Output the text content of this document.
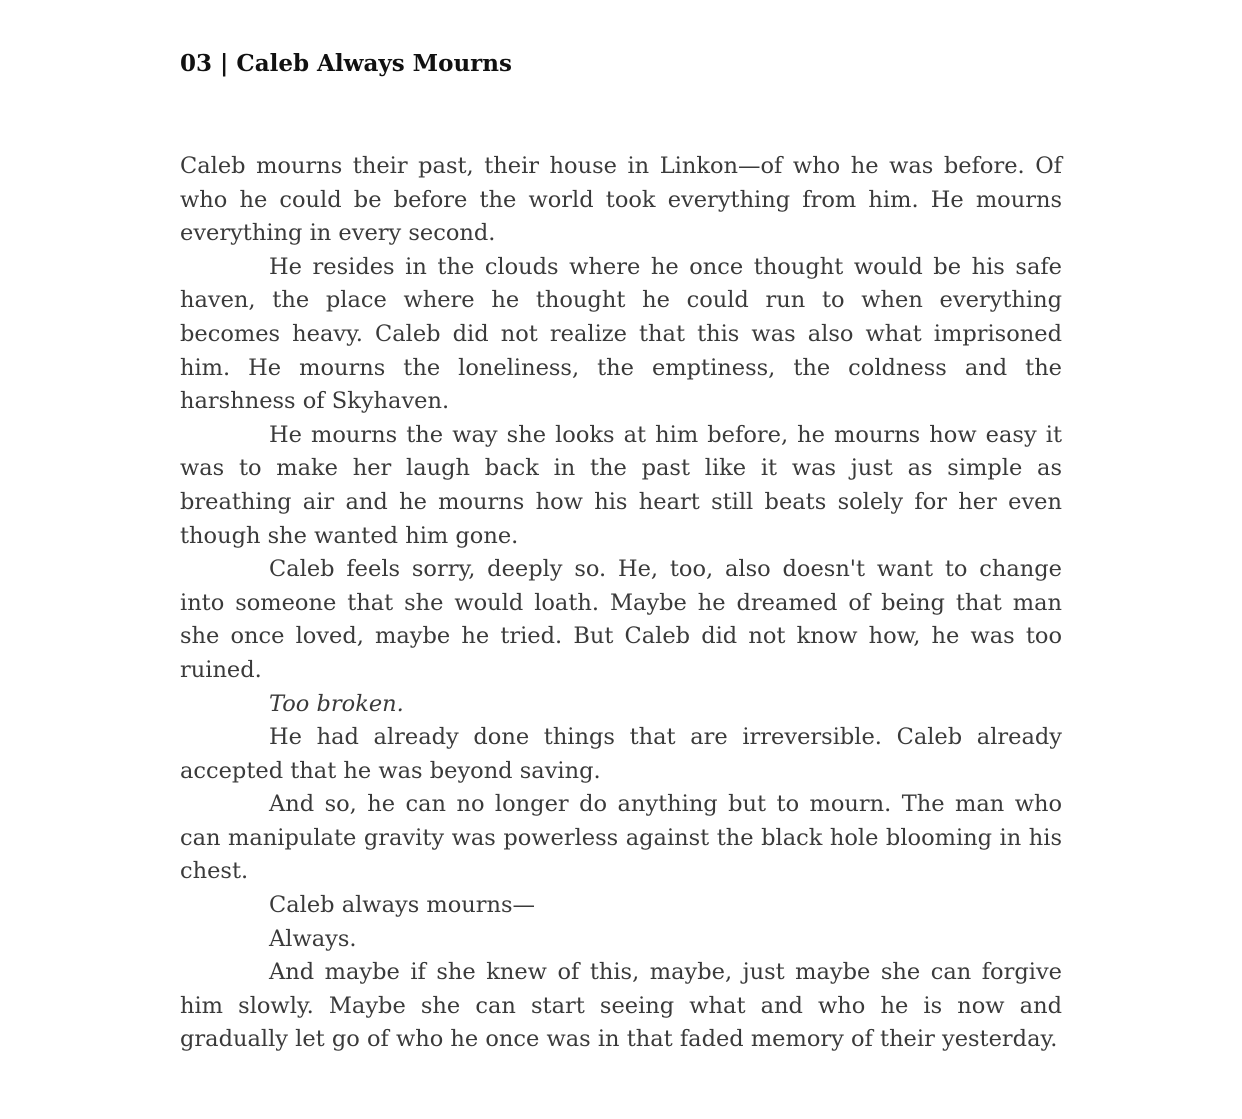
03 | Caleb Always Mourns

Caleb mourns their past, their house in Linkon—of who he was before. Of who he could be before the world took everything from him. He mourns everything in every second.

He resides in the clouds where he once thought would be his safe haven, the place where he thought he could run to when everything becomes heavy. Caleb did not realize that this was also what imprisoned him. He mourns the loneliness, the emptiness, the coldness and the harshness of Skyhaven.

He mourns the way she looks at him before, he mourns how easy it was to make her laugh back in the past like it was just as simple as breathing air and he mourns how his heart still beats solely for her even though she wanted him gone.

Caleb feels sorry, deeply so. He, too, also doesn't want to change into someone that she would loath. Maybe he dreamed of being that man she once loved, maybe he tried. But Caleb did not know how, he was too ruined.

Too broken.

He had already done things that are irreversible. Caleb already accepted that he was beyond saving.

And so, he can no longer do anything but to mourn. The man who can manipulate gravity was powerless against the black hole blooming in his chest.

Caleb always mourns—

Always.

And maybe if she knew of this, maybe, just maybe she can forgive him slowly. Maybe she can start seeing what and who he is now and gradually let go of who he once was in that faded memory of their yesterday.
